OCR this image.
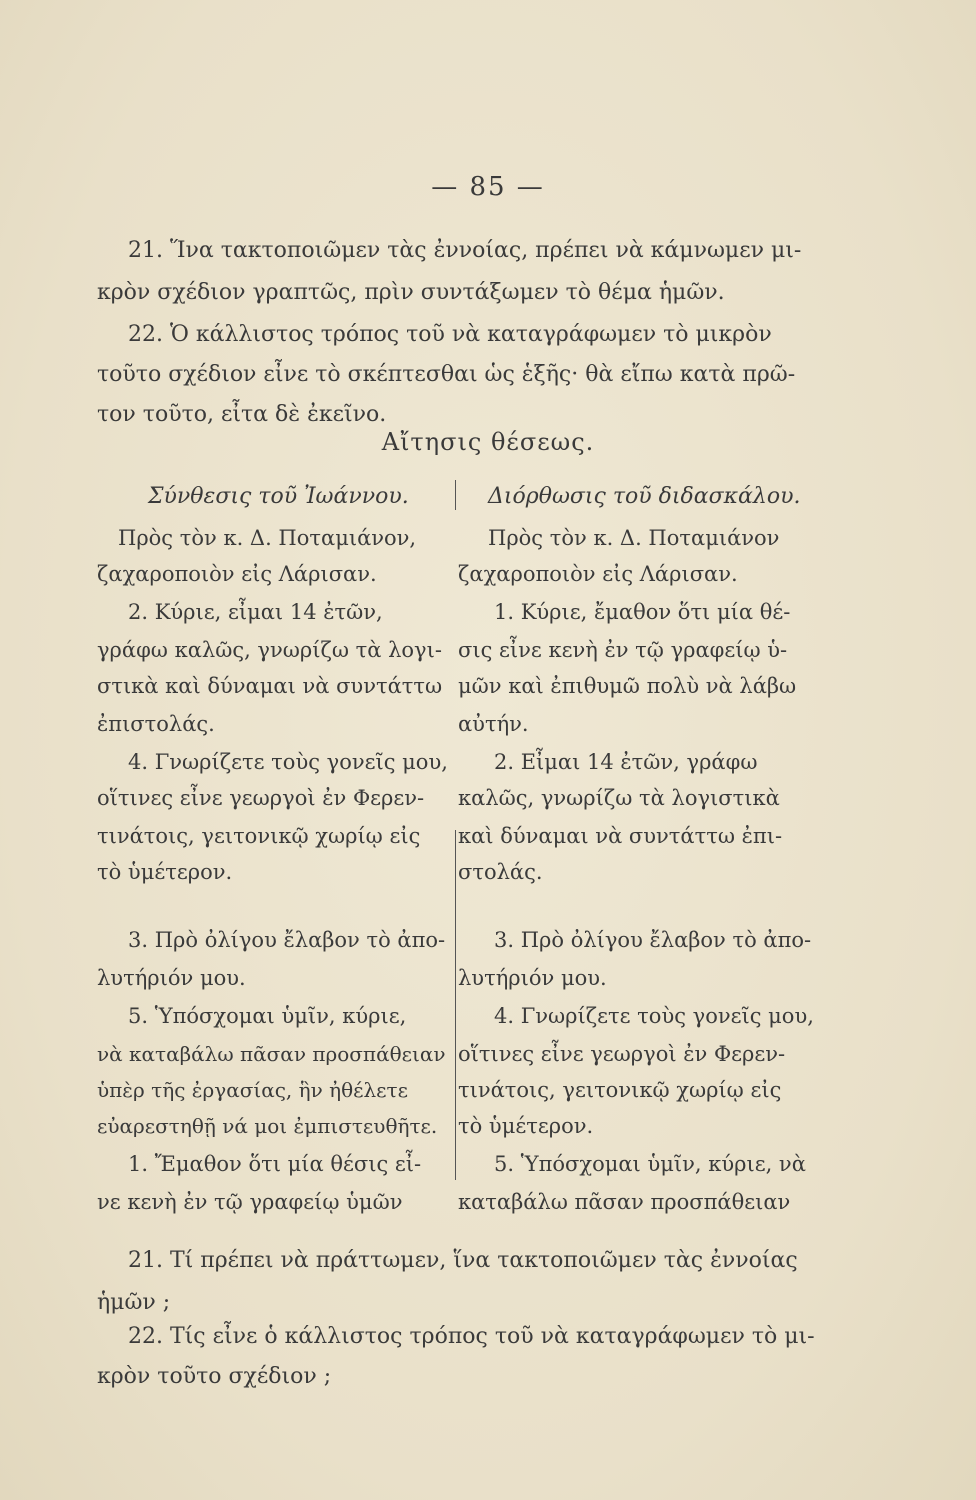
— 85 —
21. Ἵνα τακτοποιῶμεν τὰς ἐννοίας, πρέπει νὰ κάμνωμεν μι-
κρὸν σχέδιον γραπτῶς, πρὶν συντάξωμεν τὸ θέμα ἡμῶν.
22. Ὁ κάλλιστος τρόπος τοῦ νὰ καταγράφωμεν τὸ μικρὸν
τοῦτο σχέδιον εἶνε τὸ σκέπτεσθαι ὡς ἑξῆς· θὰ εἴπω κατὰ πρῶ-
τον τοῦτο, εἶτα δὲ ἐκεῖνο.
Αἴτησις θέσεως.
Σύνθεσις τοῦ Ἰωάννου.	Διόρθωσις τοῦ διδασκάλου.
Πρὸς τὸν κ. Δ. Ποταμιάνον,
ζαχαροποιὸν εἰς Λάρισαν.
2. Κύριε, εἶμαι 14 ἐτῶν,
γράφω καλῶς, γνωρίζω τὰ λογι-
στικὰ καὶ δύναμαι νὰ συντάττω
ἐπιστολάς.
4. Γνωρίζετε τοὺς γονεῖς μου,
οἵτινες εἶνε γεωργοὶ ἐν Φερεν-
τινάτοις, γειτονικῷ χωρίῳ εἰς
τὸ ὑμέτερον.
3. Πρὸ ὀλίγου ἔλαβον τὸ ἀπο-
λυτήριόν μου.
5. Ὑπόσχομαι ὑμῖν, κύριε,
νὰ καταβάλω πᾶσαν προσπάθειαν
ὑπὲρ τῆς ἐργασίας, ἣν ἠθέλετε
εὐαρεστηθῇ νά μοι ἐμπιστευθῆτε.
1. Ἔμαθον ὅτι μία θέσις εἶ-
νε κενὴ ἐν τῷ γραφείῳ ὑμῶν
Πρὸς τὸν κ. Δ. Ποταμιάνον
ζαχαροποιὸν εἰς Λάρισαν.
1. Κύριε, ἔμαθον ὅτι μία θέ-
σις εἶνε κενὴ ἐν τῷ γραφείῳ ὑ-
μῶν καὶ ἐπιθυμῶ πολὺ νὰ λάβω
αὐτήν.
2. Εἶμαι 14 ἐτῶν, γράφω
καλῶς, γνωρίζω τὰ λογιστικὰ
καὶ δύναμαι νὰ συντάττω ἐπι-
στολάς.
3. Πρὸ ὀλίγου ἔλαβον τὸ ἀπο-
λυτήριόν μου.
4. Γνωρίζετε τοὺς γονεῖς μου,
οἵτινες εἶνε γεωργοὶ ἐν Φερεν-
τινάτοις, γειτονικῷ χωρίῳ εἰς
τὸ ὑμέτερον.
5. Ὑπόσχομαι ὑμῖν, κύριε, νὰ
καταβάλω πᾶσαν προσπάθειαν
21. Τί πρέπει νὰ πράττωμεν, ἵνα τακτοποιῶμεν τὰς ἐννοίας
ἡμῶν ;
22. Τίς εἶνε ὁ κάλλιστος τρόπος τοῦ νὰ καταγράφωμεν τὸ μι-
κρὸν τοῦτο σχέδιον ;
